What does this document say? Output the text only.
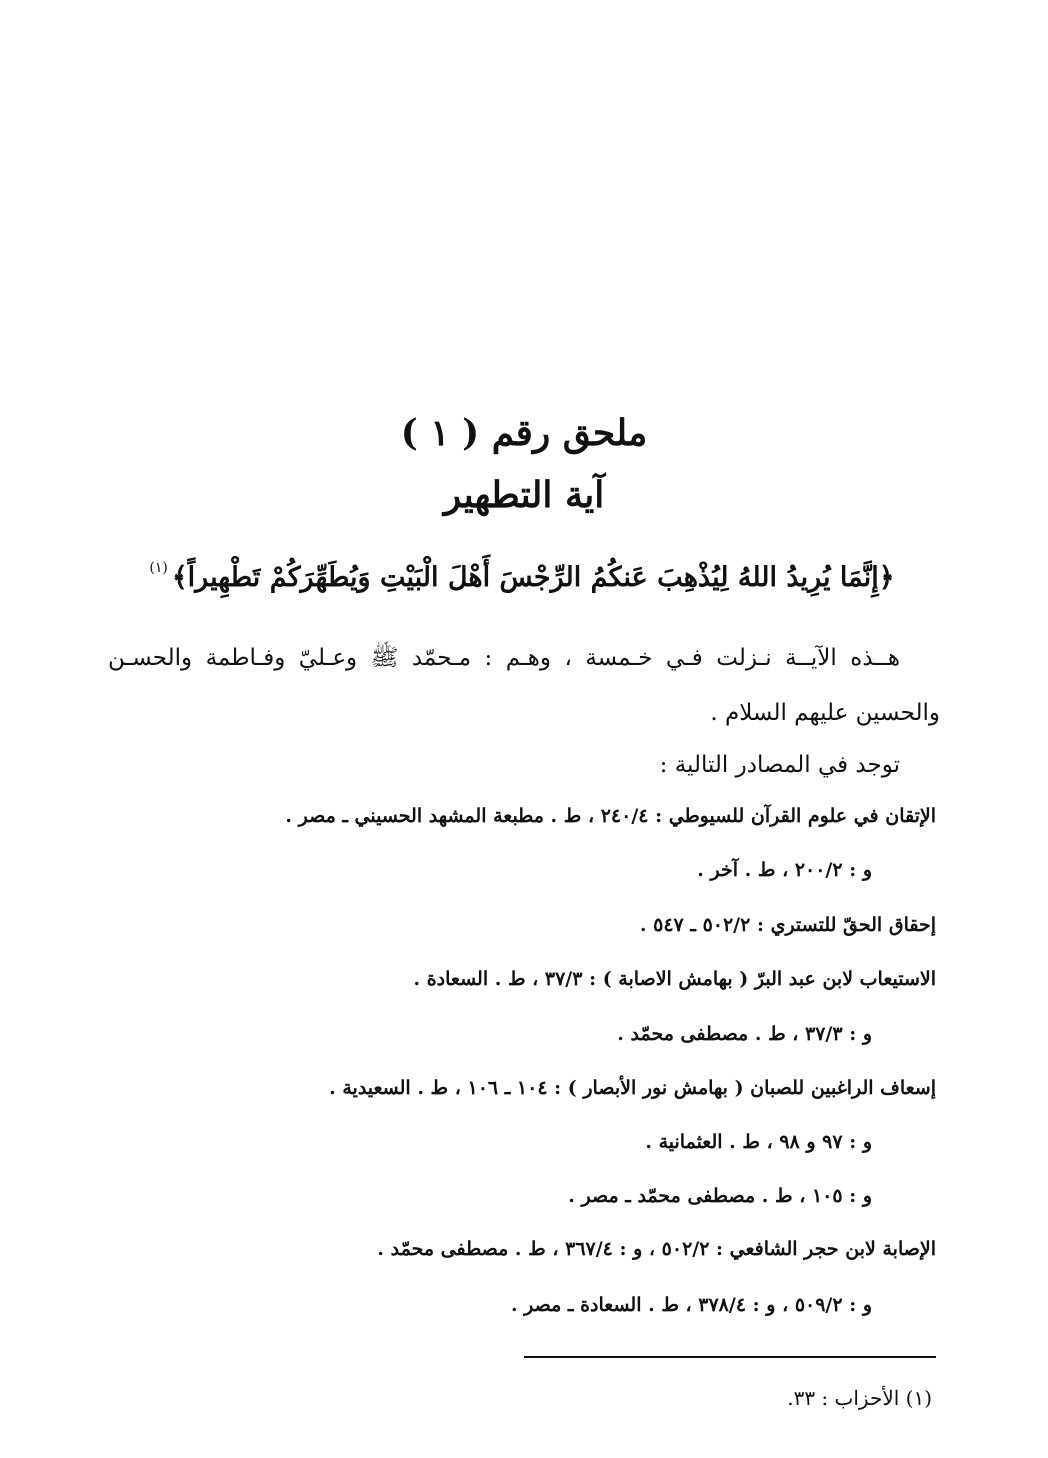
ملحق رقم ( ١ )
آية التطهير
﴿إِنَّمَا يُرِيدُ اللهُ لِيُذْهِبَ عَنكُمُ الرِّجْسَ أَهْلَ الْبَيْتِ وَيُطَهِّرَكُمْ تَطْهِيراً﴾$^{(١)}$
هــذه الآيــة نـزلت فـي خـمسة ، وهـم : مـحمّد ﷺ وعـليّ وفـاطمة والحسـن
والحسين عليهم السلام .
توجد في المصادر التالية :
الإتقان في علوم القرآن للسيوطي : ٢٤٠/٤ ، ط . مطبعة المشهد الحسيني ـ مصر .
و : ٢٠٠/٢ ، ط . آخر .
إحقاق الحقّ للتستري : ٥٠٢/٢ ـ ٥٤٧ .
الاستيعاب لابن عبد البرّ ( بهامش الاصابة ) : ٣٧/٣ ، ط . السعادة .
و : ٣٧/٣ ، ط . مصطفى محمّد .
إسعاف الراغبين للصبان ( بهامش نور الأبصار ) : ١٠٤ ـ ١٠٦ ، ط . السعيدية .
و : ٩٧ و ٩٨ ، ط . العثمانية .
و : ١٠٥ ، ط . مصطفى محمّد ـ مصر .
الإصابة لابن حجر الشافعي : ٥٠٢/٢ ، و : ٣٦٧/٤ ، ط . مصطفى محمّد .
و : ٥٠٩/٢ ، و : ٣٧٨/٤ ، ط . السعادة ـ مصر .
(١) الأحزاب : ٣٣.
